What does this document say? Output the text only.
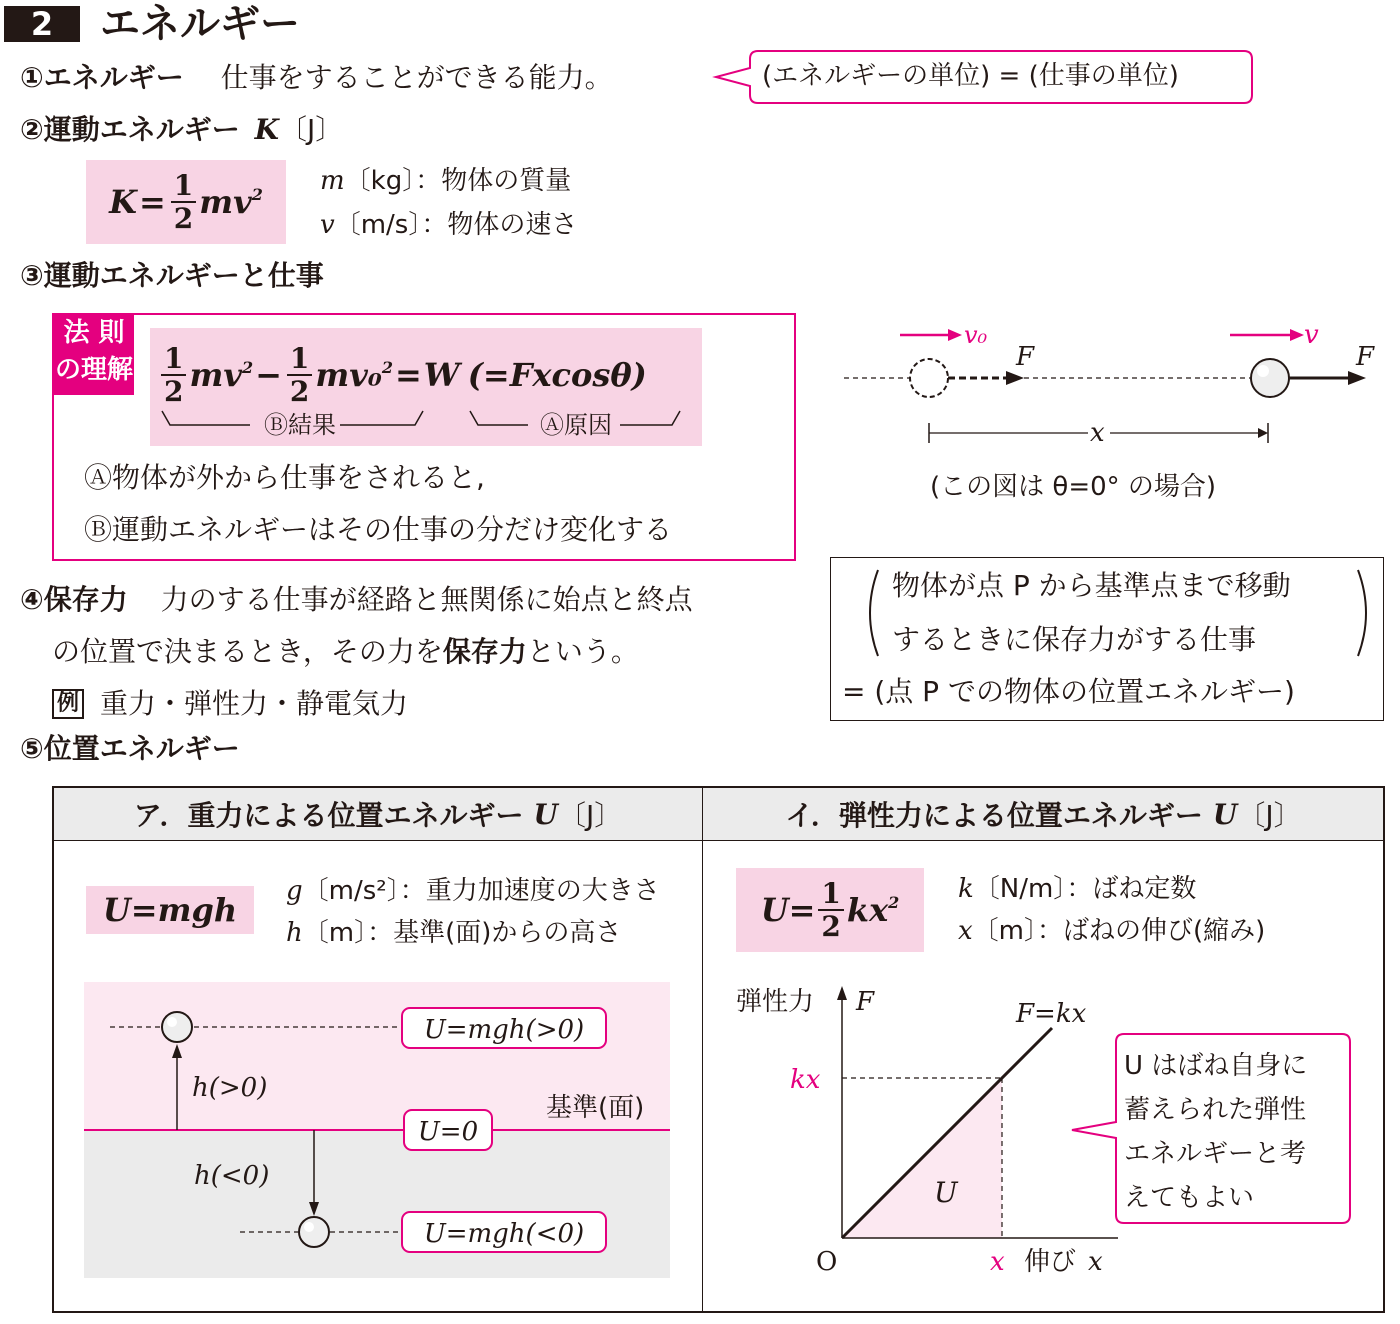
2	エネルギー
①エネルギー 仕事をすることができる能力。	(エネルギーの単位) = (仕事の単位)
②運動エネルギー K〔J〕
$K = \frac{1}{2} mv^2$ m〔kg〕：物体の質量
v〔m/s〕：物体の速さ
③運動エネルギーと仕事
法 則
の理解 $\frac{1}{2} mv^2 - \frac{1}{2} mv_0^2 = W$ (=Fxcosθ)
Ⓑ結果	Ⓐ原因
Ⓐ物体が外から仕事をされると,
Ⓑ運動エネルギーはその仕事の分だけ変化する
v₀	v
F	F
x
(この図は θ=0° の場合)
④保存力 力のする仕事が経路と無関係に始点と終点
の位置で決まるとき，その力を保存力という。
例 重力・弾性力・静電気力
物体が点 P から基準点まで移動
するときに保存力がする仕事
= (点 P での物体の位置エネルギー)
⑤位置エネルギー
ア．重力による位置エネルギー U 〔J〕	イ．弾性力による位置エネルギー U 〔J〕
U=mgh g〔m/s²〕：重力加速度の大きさ
h〔m〕：基準(面)からの高さ
U=mgh(>0)
U=0
U=mgh(<0)
h(>0)
h(<0)
基準(面)
$U= \frac{1}{2} kx^2$ k〔N/m〕：ばね定数
x〔m〕：ばねの伸び(縮み)
弾性力 F	F=kx
kx
U
O	x 伸び x
U はばね自身に
蓄えられた弾性
エネルギーと考
えてもよい
